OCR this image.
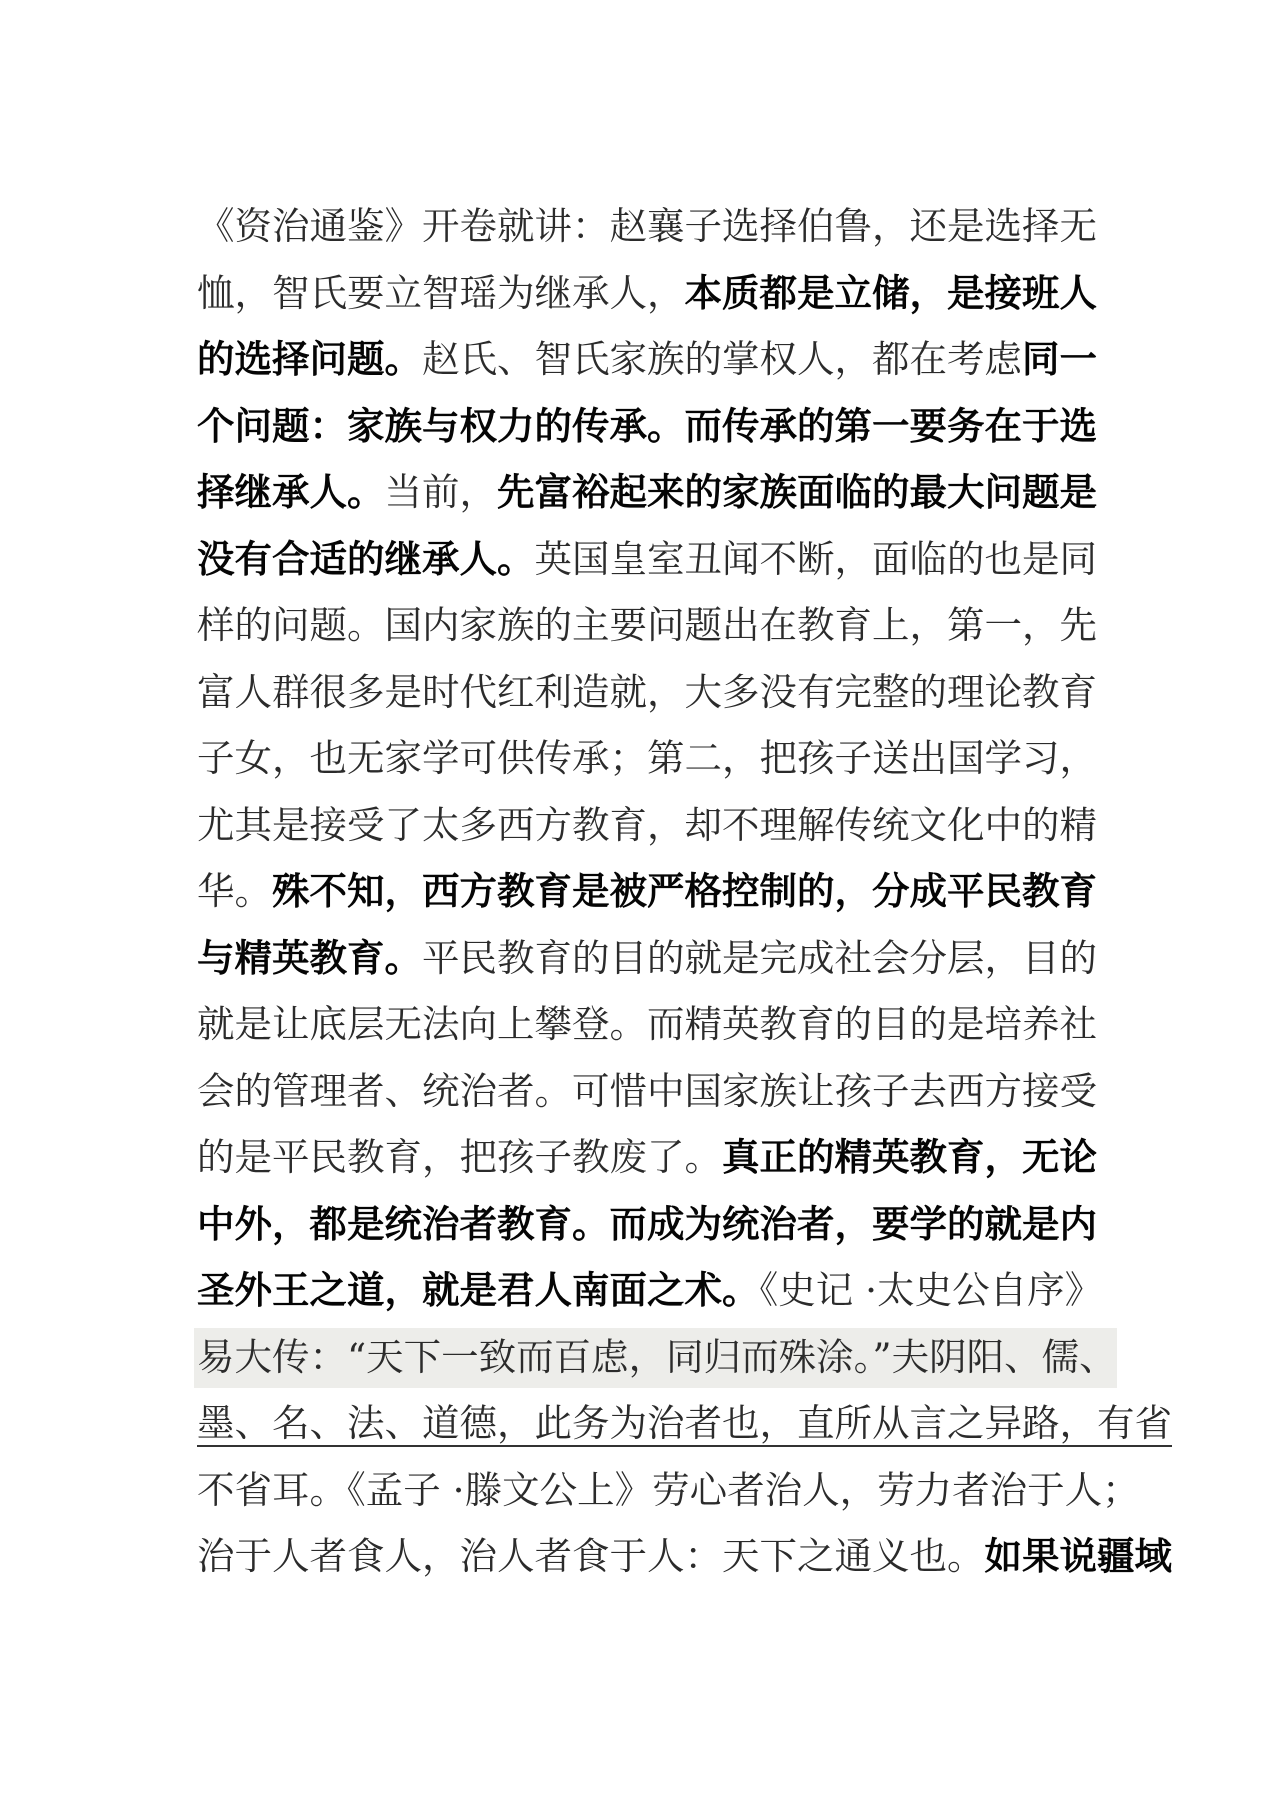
《资治通鉴》开卷就讲：赵襄子选择伯鲁，还是选择无
恤，智氏要立智瑶为继承人，本质都是立储，是接班人
的选择问题。赵氏、智氏家族的掌权人，都在考虑同一
个问题：家族与权力的传承。而传承的第一要务在于选
择继承人。当前，先富裕起来的家族面临的最大问题是
没有合适的继承人。英国皇室丑闻不断，面临的也是同
样的问题。国内家族的主要问题出在教育上，第一，先
富人群很多是时代红利造就，大多没有完整的理论教育
子女，也无家学可供传承；第二，把孩子送出国学习，
尤其是接受了太多西方教育，却不理解传统文化中的精
华。殊不知，西方教育是被严格控制的，分成平民教育
与精英教育。平民教育的目的就是完成社会分层，目的
就是让底层无法向上攀登。而精英教育的目的是培养社
会的管理者、统治者。可惜中国家族让孩子去西方接受
的是平民教育，把孩子教废了。真正的精英教育，无论
中外，都是统治者教育。而成为统治者，要学的就是内
圣外王之道，就是君人南面之术。《史记 ·太史公自序》
易大传：“天下一致而百虑，同归而殊涂。”夫阴阳、儒、
墨、名、法、道德，此务为治者也，直所从言之异路，有省
不省耳。《孟子 ·滕文公上》劳心者治人，劳力者治于人；
治于人者食人，治人者食于人：天下之通义也。如果说疆域
